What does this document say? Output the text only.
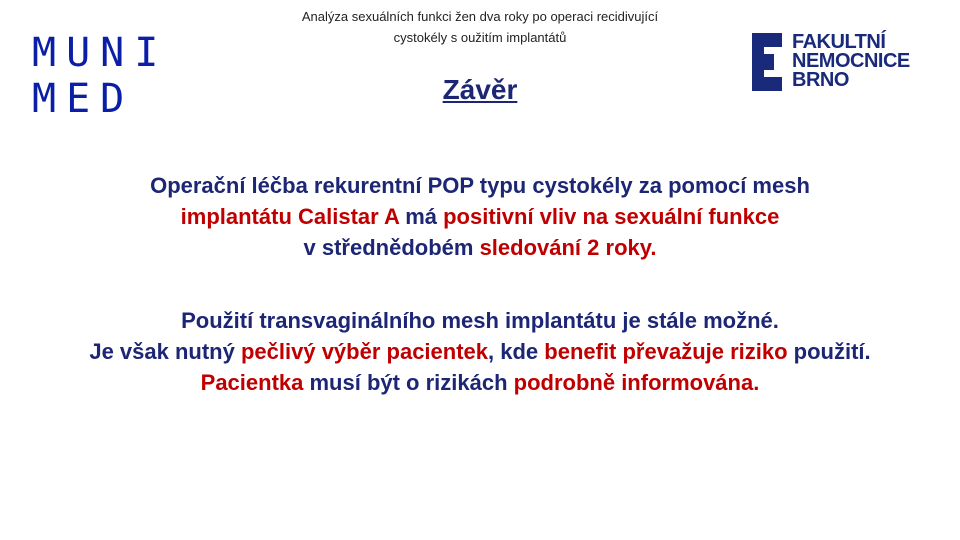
MUNI
MED
Analýza sexuálních funkci žen dva roky po operaci recidivující
cystokély s oužitím implantátů
Závěr
FAKULTNÍ
NEMOCNICE
BRNO
Operační léčba rekurentní POP typu cystokély za pomocí mesh
implantátu Calistar A má positivní vliv na sexuální funkce
v střednědobém sledování 2 roky.
Použití transvaginálního mesh implantátu je stále možné.
Je však nutný pečlivý výběr pacientek, kde benefit převažuje riziko použití.
Pacientka musí být o rizikách podrobně informována.
